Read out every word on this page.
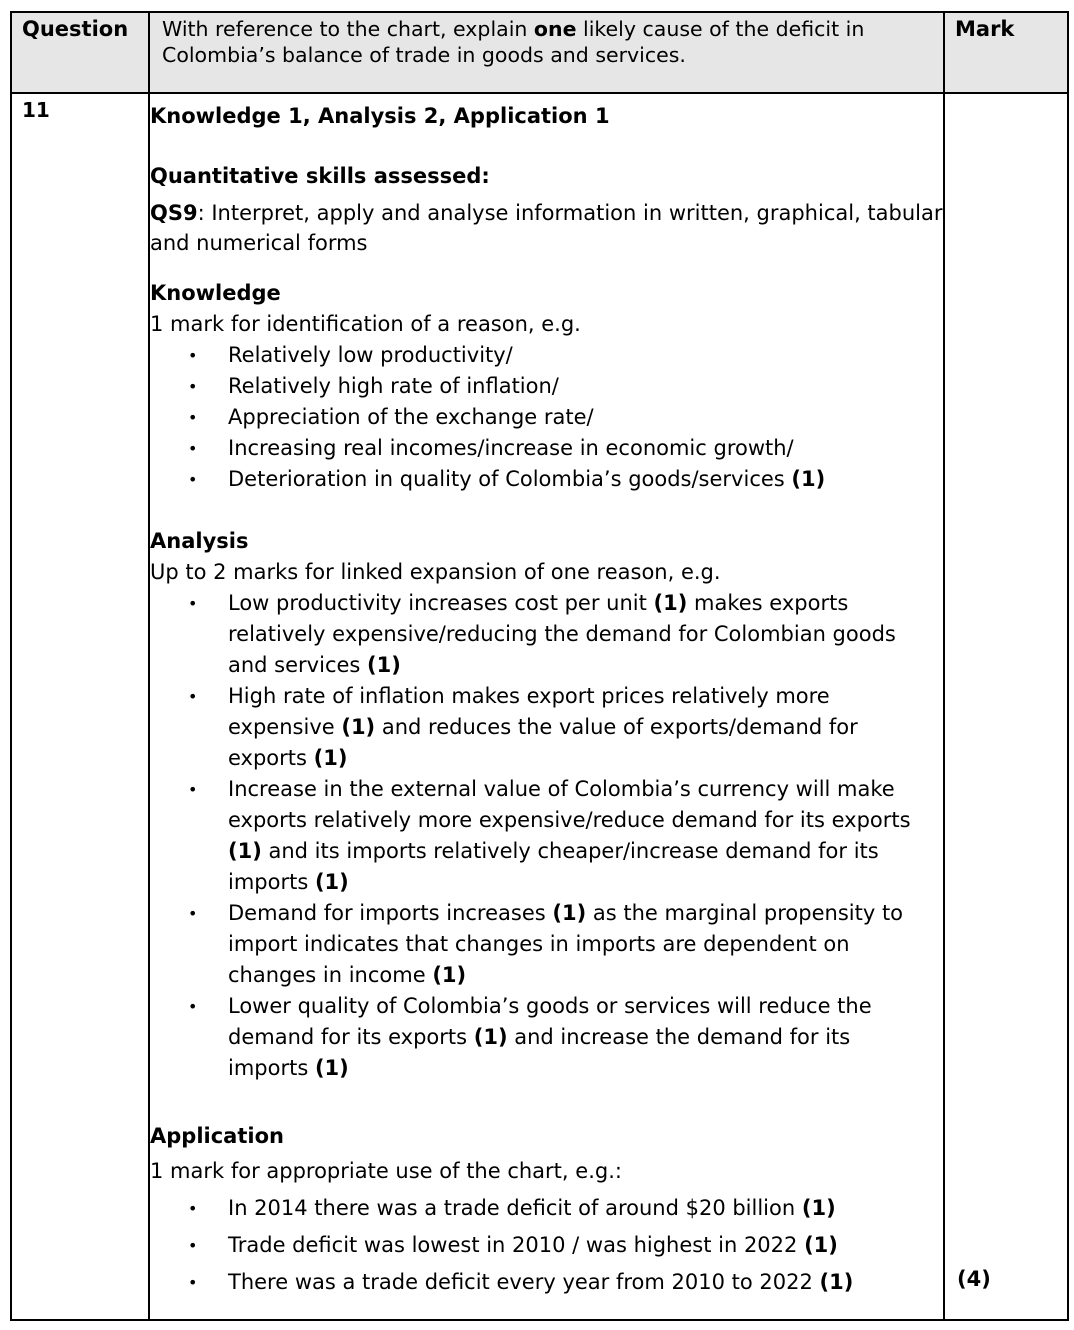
Question	With reference to the chart, explain one likely cause of the deficit in Colombia’s balance of trade in goods and services.	Mark

11	Knowledge 1, Analysis 2, Application 1

Quantitative skills assessed:

QS9: Interpret, apply and analyse information in written, graphical, tabular and numerical forms

Knowledge

1 mark for identification of a reason, e.g.

• Relatively low productivity/
• Relatively high rate of inflation/
• Appreciation of the exchange rate/
• Increasing real incomes/increase in economic growth/
• Deterioration in quality of Colombia’s goods/services (1)

Analysis

Up to 2 marks for linked expansion of one reason, e.g.

• Low productivity increases cost per unit (1) makes exports relatively expensive/reducing the demand for Colombian goods and services (1)
• High rate of inflation makes export prices relatively more expensive (1) and reduces the value of exports/demand for exports (1)
• Increase in the external value of Colombia’s currency will make exports relatively more expensive/reduce demand for its exports (1) and its imports relatively cheaper/increase demand for its imports (1)
• Demand for imports increases (1) as the marginal propensity to import indicates that changes in imports are dependent on changes in income (1)
• Lower quality of Colombia’s goods or services will reduce the demand for its exports (1) and increase the demand for its imports (1)

Application

1 mark for appropriate use of the chart, e.g.:

• In 2014 there was a trade deficit of around $20 billion (1)
• Trade deficit was lowest in 2010 / was highest in 2022 (1)
• There was a trade deficit every year from 2010 to 2022 (1)	(4)
